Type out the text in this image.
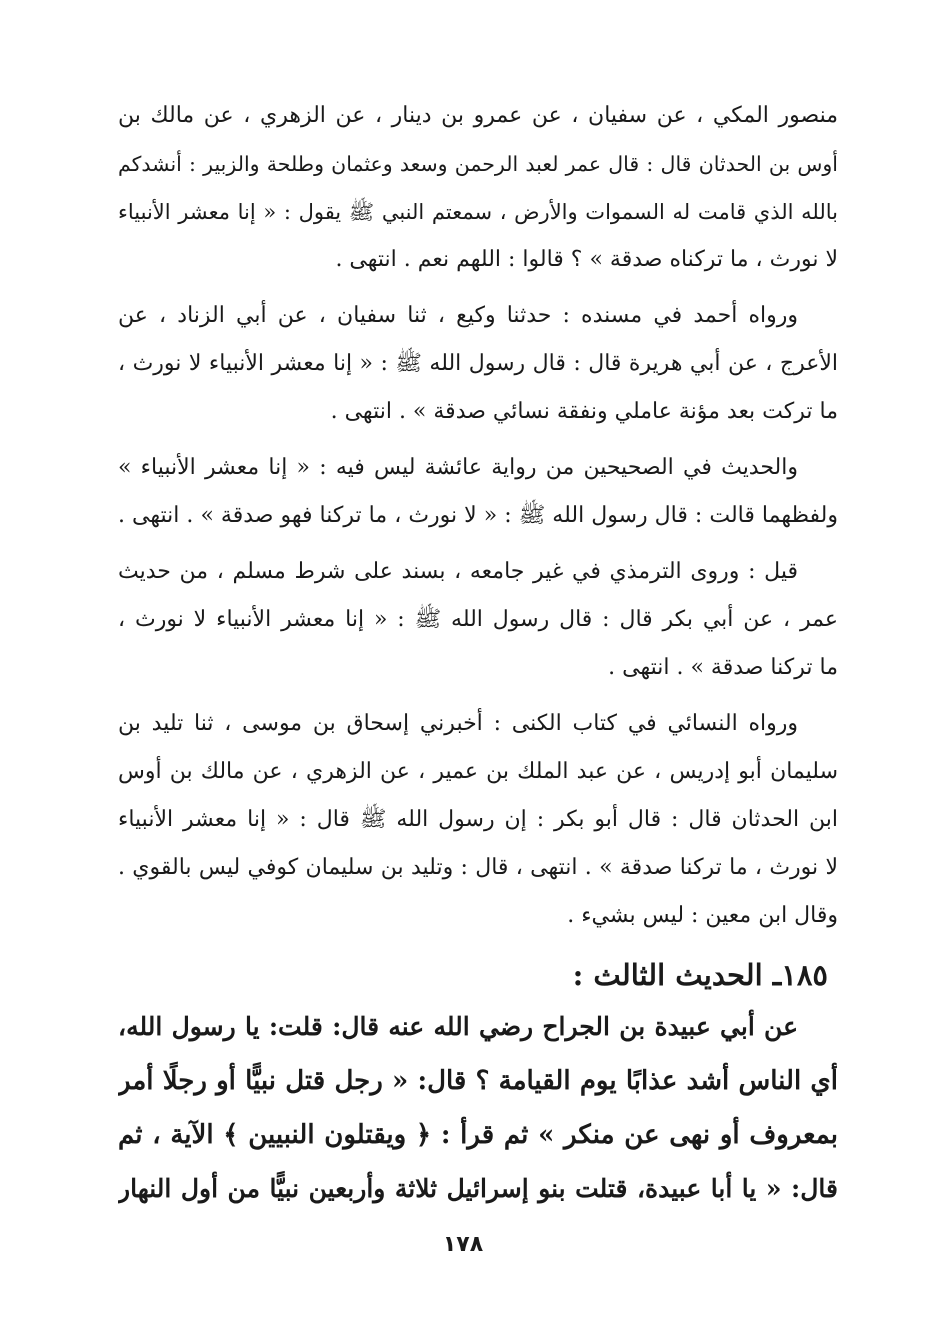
منصور المكي ، عن سفيان ، عن عمرو بن دينار ، عن الزهري ، عن مالك بن
أوس بن الحدثان قال : قال عمر لعبد الرحمن وسعد وعثمان وطلحة والزبير : أنشدكم
بالله الذي قامت له السموات والأرض ، سمعتم النبي ﷺ يقول : « إنا معشر الأنبياء
لا نورث ، ما تركناه صدقة » ؟ قالوا : اللهم نعم . انتهى .
ورواه أحمد في مسنده : حدثنا وكيع ، ثنا سفيان ، عن أبي الزناد ، عن
الأعرج ، عن أبي هريرة قال : قال رسول الله ﷺ : « إنا معشر الأنبياء لا نورث ،
ما تركت بعد مؤنة عاملي ونفقة نسائي صدقة » . انتهى .
والحديث في الصحيحين من رواية عائشة ليس فيه : « إنا معشر الأنبياء »
ولفظهما قالت : قال رسول الله ﷺ : « لا نورث ، ما تركنا فهو صدقة » . انتهى .
قيل : وروى الترمذي في غير جامعه ، بسند على شرط مسلم ، من حديث
عمر ، عن أبي بكر قال : قال رسول الله ﷺ : « إنا معشر الأنبياء لا نورث ،
ما تركنا صدقة » . انتهى .
ورواه النسائي في كتاب الكنى : أخبرني إسحاق بن موسى ، ثنا تليد بن
سليمان أبو إدريس ، عن عبد الملك بن عمير ، عن الزهري ، عن مالك بن أوس
ابن الحدثان قال : قال أبو بكر : إن رسول الله ﷺ قال : « إنا معشر الأنبياء
لا نورث ، ما تركنا صدقة » . انتهى ، قال : وتليد بن سليمان كوفي ليس بالقوي .
وقال ابن معين : ليس بشيء .
١٨٥ـ الحديث الثالث :
عن أبي عبيدة بن الجراح رضي الله عنه قال: قلت: يا رسول الله،
أي الناس أشد عذابًا يوم القيامة ؟ قال: « رجل قتل نبيًّا أو رجلًا أمر
بمعروف أو نهى عن منكر » ثم قرأ : ﴿ ويقتلون النبيين ﴾ الآية ، ثم
قال: « يا أبا عبيدة، قتلت بنو إسرائيل ثلاثة وأربعين نبيًّا من أول النهار
١٧٨
